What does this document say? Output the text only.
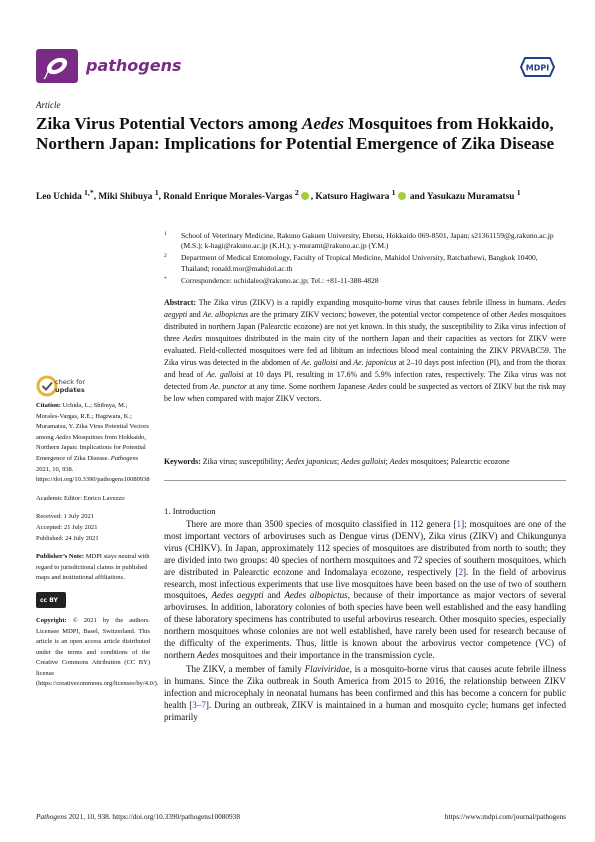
pathogens	MDPI
Article
Zika Virus Potential Vectors among Aedes Mosquitoes from Hokkaido, Northern Japan: Implications for Potential Emergence of Zika Disease
Leo Uchida $^{1,*}$, Miki Shibuya $^1$, Ronald Enrique Morales-Vargas $^2$ , Katsuro Hagiwara $^1$ and Yasukazu Muramatsu $^1$
1 School of Veterinary Medicine, Rakuno Gakuen University, Ebetsu, Hokkaido 069-8501, Japan; s21361159@g.rakuno.ac.jp (M.S.); k-hagi@rakuno.ac.jp (K.H.); y-muramt@rakuno.ac.jp (Y.M.)
2 Department of Medical Entomology, Faculty of Tropical Medicine, Mahidol University, Ratchathewi, Bangkok 10400, Thailand; ronald.mor@mahidol.ac.th
* Correspondence: uchidaleo@rakuno.ac.jp; Tel.: +81-11-388-4828
Abstract: The Zika virus (ZIKV) is a rapidly expanding mosquito-borne virus that causes febrile illness in humans. Aedes aegypti and Ae. albopictus are the primary ZIKV vectors; however, the potential vector competence of other Aedes mosquitoes distributed in northern Japan (Palearctic ecozone) are not yet known. In this study, the susceptibility to Zika virus infection of three Aedes mosquitoes distributed in the main city of the northern Japan and their capacities as vectors for ZIKV were evaluated. Field-collected mosquitoes were fed ad libitum an infectious blood meal containing the ZIKV PRVABC59. The Zika virus was detected in the abdomen of Ae. galloisi and Ae. japonicus at 2–10 days post infection (PI), and from the thorax and head of Ae. galloisi at 10 days PI, resulting in 17.6% and 5.9% infection rates, respectively. The Zika virus was not detected from Ae. punctor at any time. Some northern Japanese Aedes could be suspected as vectors of ZIKV but the risk may be low when compared with major ZIKV vectors.
Keywords: Zika virus; susceptibility; Aedes japonicus; Aedes galloisi; Aedes mosquitoes; Palearctic ecozone
check for
updates

Citation: Uchida, L.; Shibuya, M.; Morales-Vargas, R.E.; Hagiwara, K.; Muramatsu, Y. Zika Virus Potential Vectors among Aedes Mosquitoes from Hokkaido, Northern Japan: Implications for Potential Emergence of Zika Disease. Pathogens 2021, 10, 938. https://doi.org/10.3390/pathogens10080938

Academic Editor: Enrico Lavezzo

Received: 1 July 2021
Accepted: 21 July 2021

Published: 24 July 2021

Publisher’s Note: MDPI stays neutral with regard to jurisdictional claims in published maps and institutional affiliations.

cc BY

Copyright: © 2021 by the authors. Licensee MDPI, Basel, Switzerland. This article is an open access article distributed under the terms and conditions of the Creative Commons Attribution (CC BY) license (https://creativecommons.org/licenses/by/4.0/).

1. Introduction

There are more than 3500 species of mosquito classified in 112 genera [1]; mosquitoes are one of the most important vectors of arboviruses such as Dengue virus (DENV), Zika virus (ZIKV) and Chikungunya virus (CHIKV). In Japan, approximately 112 species of mosquitoes are distributed from north to south; they are divided into two groups: 40 species of northern mosquitoes and 72 species of southern mosquitoes, which are distributed in Palearctic ecozone and Indomalaya ecozone, respectively [2]. In the field of arbovirus research, most infectious experiments that use live mosquitoes have been based on the use of two of southern mosquitoes, Aedes aegypti and Aedes albopictus, because of their importance as major vectors of several arboviruses. In addition, laboratory colonies of both species have been well established and the easy handling of these laboratory specimens has contributed to useful arbovirus research. Other mosquito species, especially northern mosquitoes whose colonies are not well established, have rarely been used for research because of the difficulty of the experiments. Thus, little is known about the arbovirus vector competence (VC) of northern Aedes mosquitoes and their importance in the transmission cycle.

The ZIKV, a member of family Flaviviridae, is a mosquito-borne virus that causes acute febrile illness in humans. Since the Zika outbreak in South America from 2015 to 2016, the relationship between ZIKV infection and microcephaly in neonatal humans has been confirmed and this has become a concern for public health [3–7]. During an outbreak, ZIKV is maintained in a human and mosquito cycle; humans get infected primarily

Pathogens 2021, 10, 938. https://doi.org/10.3390/pathogens10080938	https://www.mdpi.com/journal/pathogens
